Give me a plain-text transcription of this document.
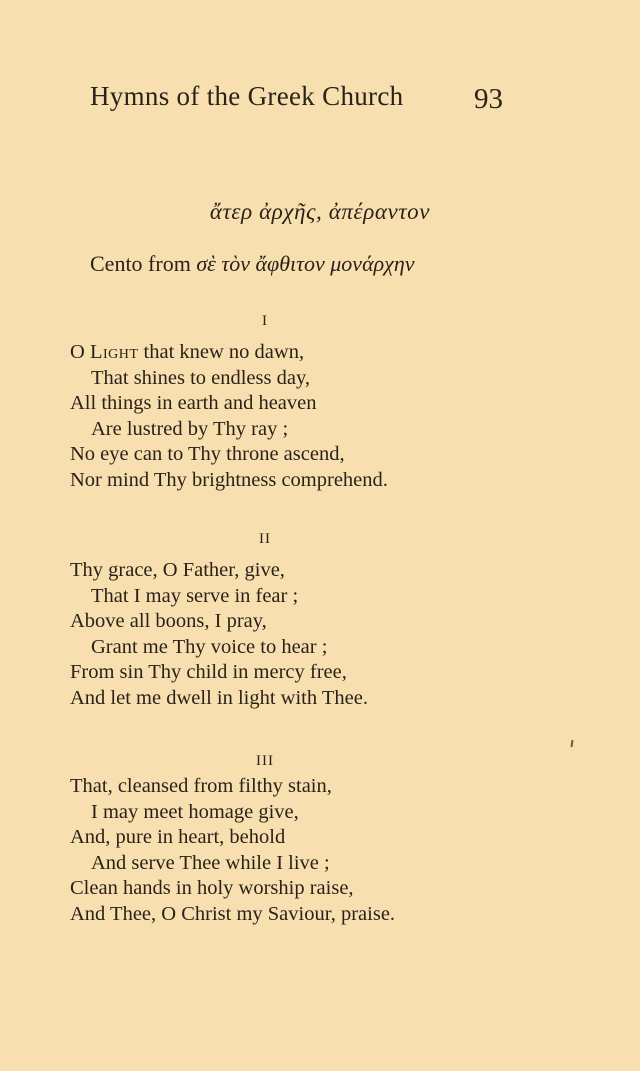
Hymns of the Greek Church 93
ἄτερ ἀρχῆς, ἀπέραντον
Cento from σὲ τὸν ἄφθιτον μονάρχην
I
O Light that knew no dawn,
That shines to endless day,
All things in earth and heaven
Are lustred by Thy ray ;
No eye can to Thy throne ascend,
Nor mind Thy brightness comprehend.
II
Thy grace, O Father, give,
That I may serve in fear ;
Above all boons, I pray,
Grant me Thy voice to hear ;
From sin Thy child in mercy free,
And let me dwell in light with Thee.
III
That, cleansed from filthy stain,
I may meet homage give,
And, pure in heart, behold
And serve Thee while I live ;
Clean hands in holy worship raise,
And Thee, O Christ my Saviour, praise.
